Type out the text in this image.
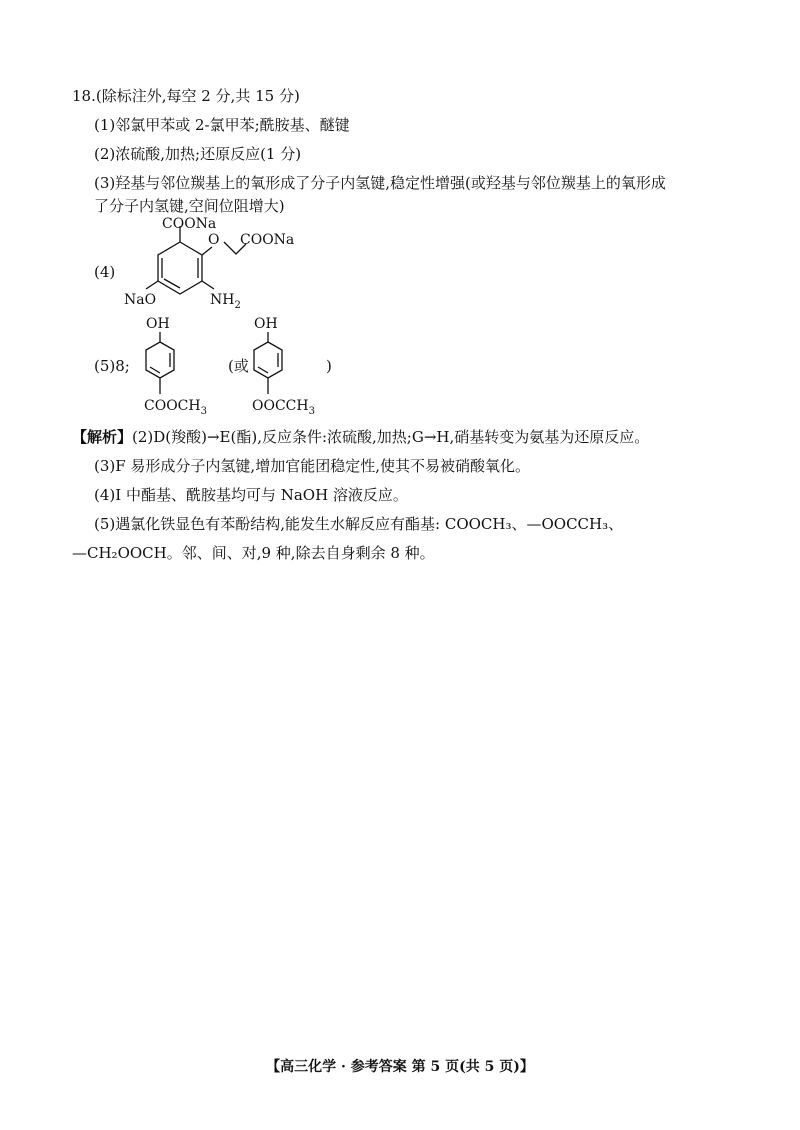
18.(除标注外,每空 2 分,共 15 分)
(1)邻氯甲苯或 2-氯甲苯;酰胺基、醚键
(2)浓硫酸,加热;还原反应(1 分)
(3)羟基与邻位羰基上的氧形成了分子内氢键,稳定性增强(或羟基与邻位羰基上的氧形成
了分子内氢键,空间位阻增大)
(4)
COONa
O COONa
NaO	$NH_2$
(5)8;
OH
$COOCH_3$
(或
OH
$OOCCH_3$
)
【解析】(2)D(羧酸)→E(酯),反应条件:浓硫酸,加热;G→H,硝基转变为氨基为还原反应。
(3)F 易形成分子内氢键,增加官能团稳定性,使其不易被硝酸氧化。
(4)I 中酯基、酰胺基均可与 NaOH 溶液反应。
(5)遇氯化铁显色有苯酚结构,能发生水解反应有酯基: COOCH₃、—OOCCH₃、
—CH₂OOCH。邻、间、对,9 种,除去自身剩余 8 种。
【高三化学 · 参考答案 第 5 页(共 5 页)】
